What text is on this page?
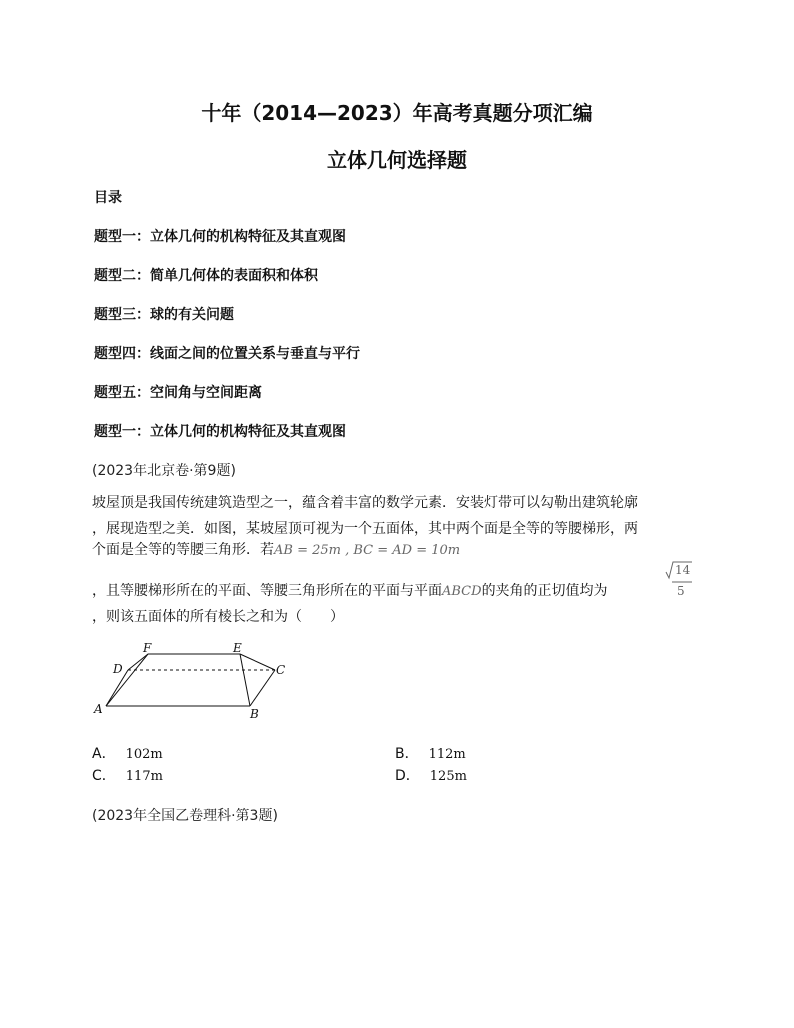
十年（2014—2023）年高考真题分项汇编
立体几何选择题
目录
题型一：立体几何的机构特征及其直观图
题型二：简单几何体的表面积和体积
题型三：球的有关问题
题型四：线面之间的位置关系与垂直与平行
题型五：空间角与空间距离
题型一：立体几何的机构特征及其直观图
(2023年北京卷·第9题)
坡屋顶是我国传统建筑造型之一，蕴含着丰富的数学元素．安装灯带可以勾勒出建筑轮廓
，展现造型之美．如图，某坡屋顶可视为一个五面体，其中两个面是全等的等腰梯形，两
个面是全等的等腰三角形．若AB = 25m , BC = AD = 10m
，且等腰梯形所在的平面、等腰三角形所在的平面与平面ABCD的夹角的正切值均为
14
5
，则该五面体的所有棱长之和为（　　）
A	B
C
D
E
F
A． 102m	B． 112m
C． 117m	D． 125m
(2023年全国乙卷理科·第3题)
